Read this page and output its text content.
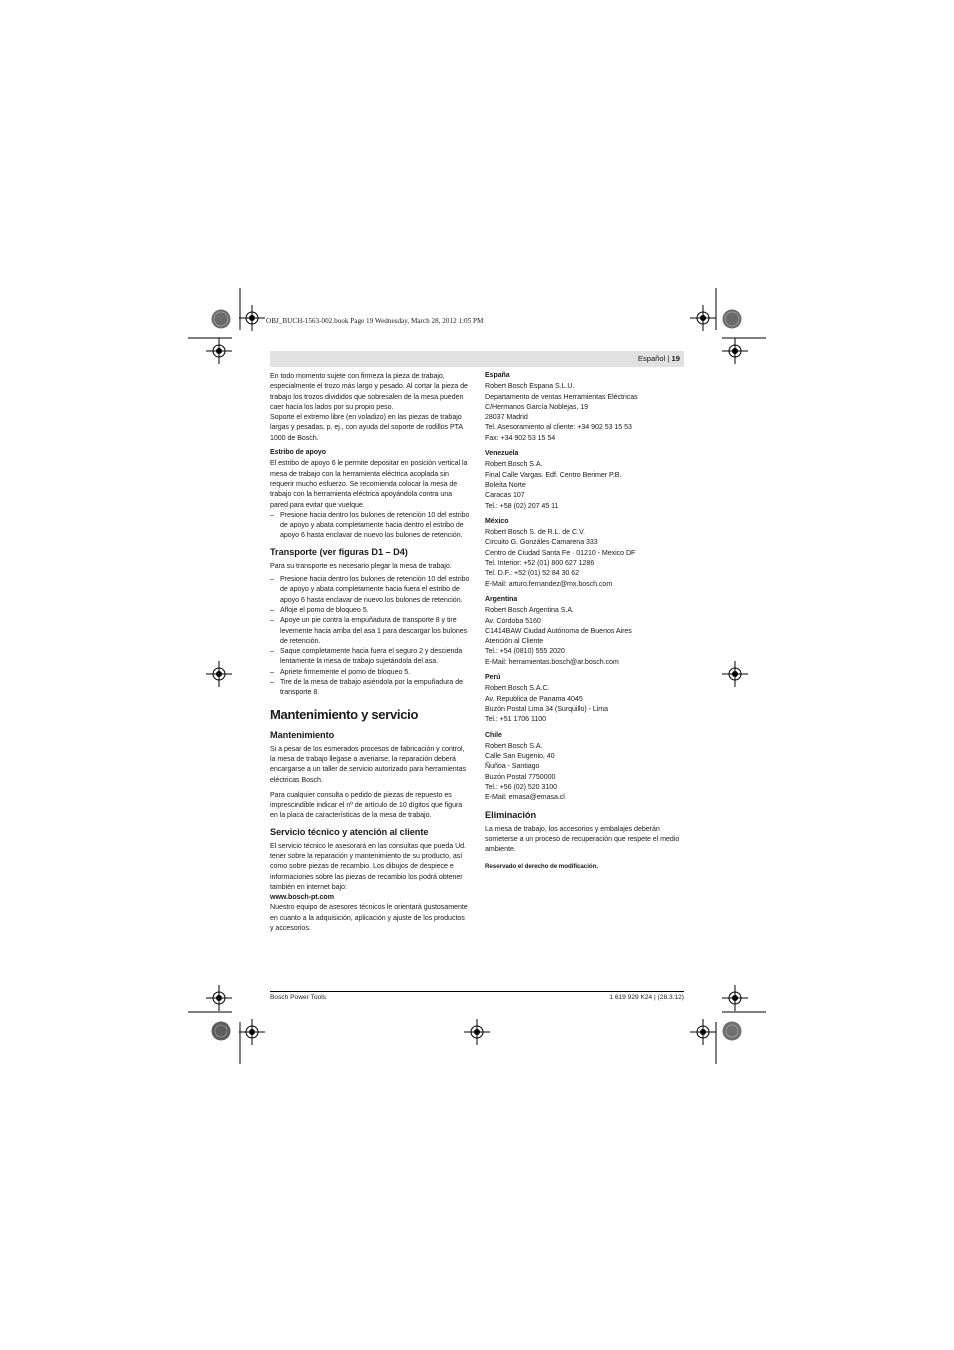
OBJ_BUCH-1563-002.book Page 19 Wednesday, March 28, 2012 1:05 PM
Español | 19

En todo momento sujete con firmeza la pieza de trabajo, especialmente el trozo más largo y pesado. Al cortar la pieza de trabajo los trozos divididos que sobresalen de la mesa pueden caer hacia los lados por su propio peso.

Soporte el extremo libre (en voladizo) en las piezas de trabajo largas y pesadas, p. ej., con ayuda del soporte de rodillos PTA 1000 de Bosch.

Estribo de apoyo

El estribo de apoyo 6 le permite depositar en posición vertical la mesa de trabajo con la herramienta eléctrica acoplada sin requerir mucho esfuerzo. Se recomienda colocar la mesa de trabajo con la herramienta eléctrica apoyándola contra una pared para evitar que vuelque.

– Presione hacia dentro los bulones de retención 10 del estribo de apoyo y abata completamente hacia dentro el estribo de apoyo 6 hasta enclavar de nuevo los bulones de retención.

Transporte (ver figuras D1 – D4)

Para su transporte es necesario plegar la mesa de trabajo.

– Presione hacia dentro los bulones de retención 10 del estribo de apoyo y abata completamente hacia fuera el estribo de apoyo 6 hasta enclavar de nuevo los bulones de retención.
– Afloje el pomo de bloqueo 5.
– Apoye un pie contra la empuñadura de transporte 8 y tire levemente hacia arriba del asa 1 para descargar los bulones de retención.
– Saque completamente hacia fuera el seguro 2 y descienda lentamente la mesa de trabajo sujetándola del asa.
– Apriete firmemente el pomo de bloqueo 5.
– Tire de la mesa de trabajo asiéndola por la empuñadura de transporte 8.

Mantenimiento y servicio

Mantenimiento

Si a pesar de los esmerados procesos de fabricación y control, la mesa de trabajo llegase a averiarse, la reparación deberá encargarse a un taller de servicio autorizado para herramientas eléctricas Bosch.

Para cualquier consulta o pedido de piezas de repuesto es imprescindible indicar el nº de artículo de 10 dígitos que figura en la placa de características de la mesa de trabajo.

Servicio técnico y atención al cliente

El servicio técnico le asesorará en las consultas que pueda Ud. tener sobre la reparación y mantenimiento de su producto, así como sobre piezas de recambio. Los dibujos de despiece e informaciones sobre las piezas de recambio los podrá obtener también en internet bajo:

www.bosch-pt.com

Nuestro equipo de asesores técnicos le orientará gustosamente en cuanto a la adquisición, aplicación y ajuste de los productos y accesorios.

España

Robert Bosch Espana S.L.U.

Departamento de ventas Herramientas Eléctricas

C/Hermanos García Noblejas, 19

28037 Madrid

Tel. Asesoramiento al cliente: +34 902 53 15 53

Fax: +34 902 53 15 54

Venezuela

Robert Bosch S.A.

Final Calle Vargas. Edf. Centro Berimer P.B.

Boleíta Norte

Caracas 107

Tel.: +58 (02) 207 45 11

México

Robert Bosch S. de R.L. de C.V.

Circuito G. Gonzáles Camarena 333

Centro de Ciudad Santa Fe · 01210 - Mexico DF

Tel. Interior: +52 (01) 800 627 1286

Tel. D.F.: +52 (01) 52 84 30 62

E-Mail: arturo.fernandez@mx.bosch.com

Argentina

Robert Bosch Argentina S.A.

Av. Córdoba 5160

C1414BAW Ciudad Autónoma de Buenos Aires

Atención al Cliente

Tel.: +54 (0810) 555 2020

E-Mail: herramientas.bosch@ar.bosch.com

Perú

Robert Bosch S.A.C.

Av. Republica de Panama 4045

Buzón Postal Lima 34 (Surquillo) - Lima

Tel.: +51 1706 1100

Chile

Robert Bosch S.A.

Calle San Eugenio, 40

Ñuñoa - Santiago

Buzón Postal 7750000

Tel.: +56 (02) 520 3100

E-Mail: emasa@emasa.cl

Eliminación

La mesa de trabajo, los accesorios y embalajes deberán someterse a un proceso de recuperación que respete el medio ambiente.

Reservado el derecho de modificación.

Bosch Power Tools	1 619 929 K24 | (28.3.12)
